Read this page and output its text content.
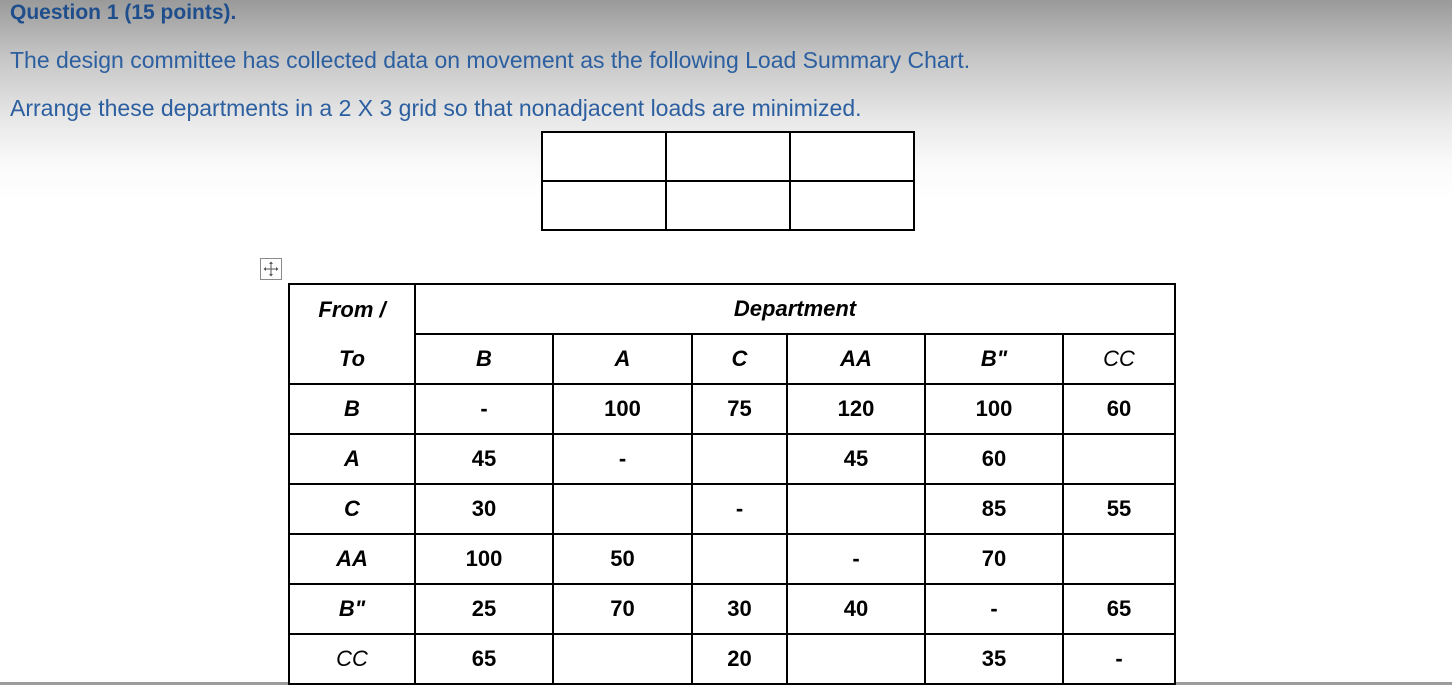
Question 1 (15 points).
The design committee has collected data on movement as the following Load Summary Chart.
Arrange these departments in a 2 X 3 grid so that nonadjacent loads are minimized.

From /	Department					
To	B	A	C	AA	B"	CC
B	-	100	75	120	100	60
A	45	-		45	60	
C	30		-		85	55
AA	100	50		-	70	
B"	25	70	30	40	-	65
CC	65		20		35	-
